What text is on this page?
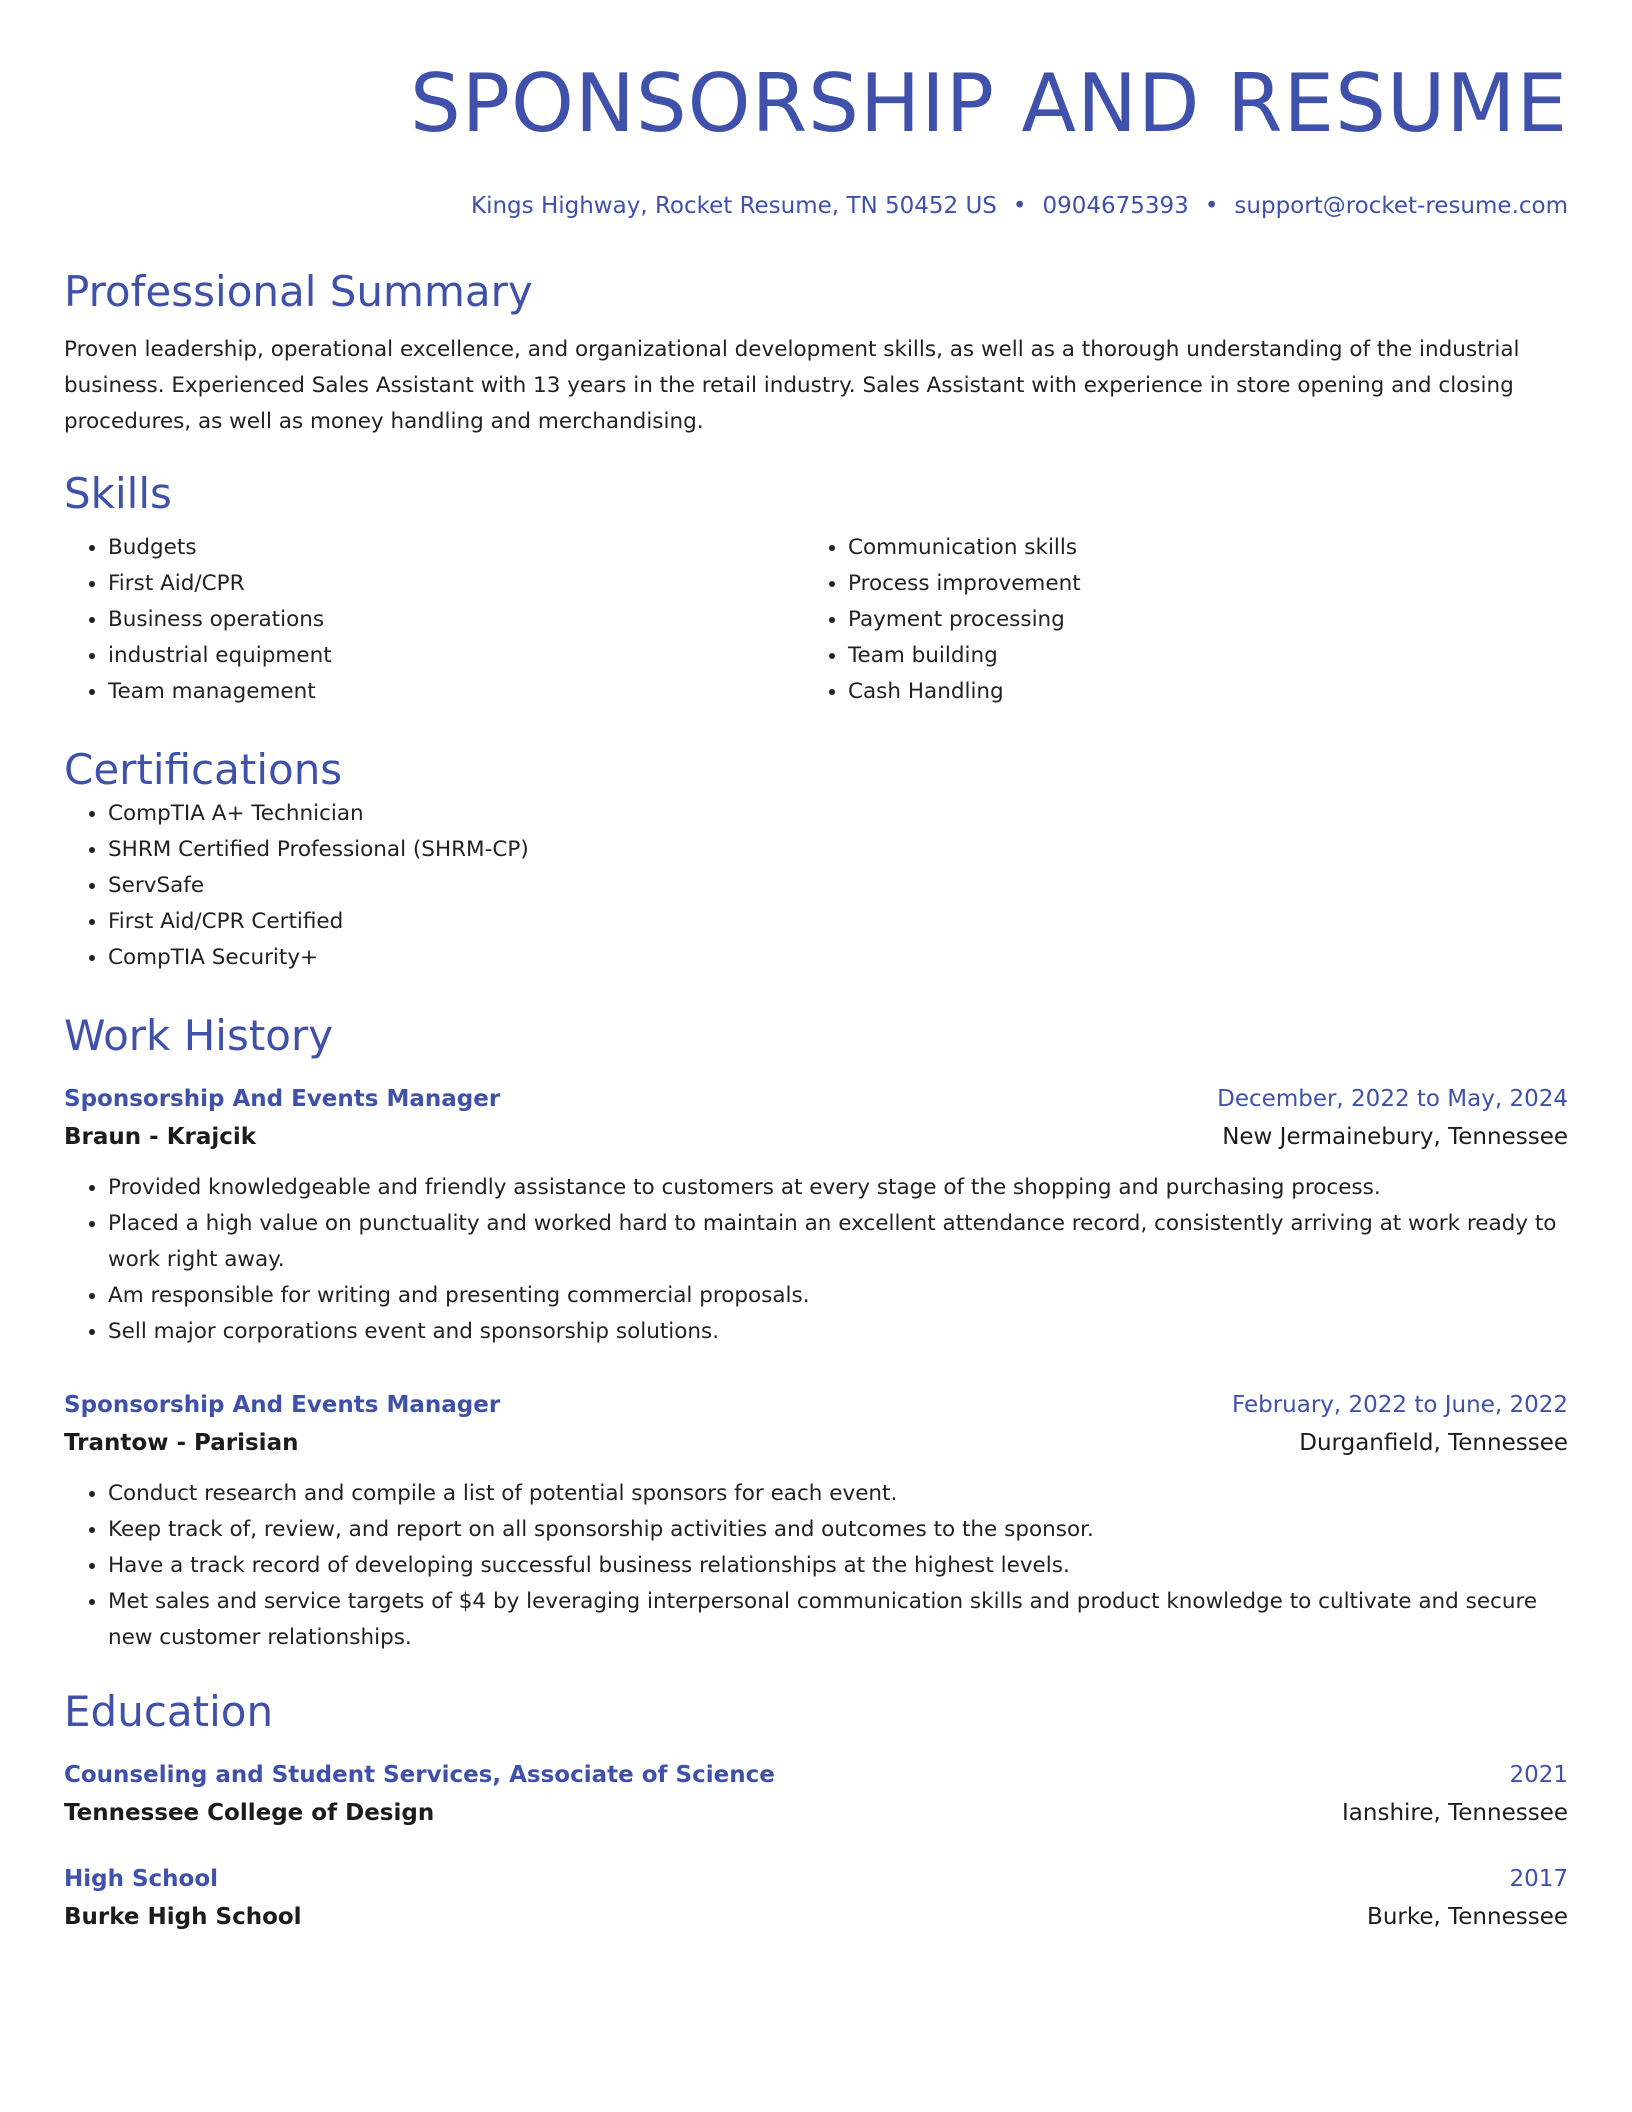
SPONSORSHIP AND RESUME
Kings Highway, Rocket Resume, TN 50452 US • 0904675393 • support@rocket-resume.com
Professional Summary

Proven leadership, operational excellence, and organizational development skills, as well as a thorough understanding of the industrial business. Experienced Sales Assistant with 13 years in the retail industry. Sales Assistant with experience in store opening and closing procedures, as well as money handling and merchandising.

Skills
• Budgets
• First Aid/CPR
• Business operations
• industrial equipment
• Team management
• Communication skills
• Process improvement
• Payment processing
• Team building
• Cash Handling
Certifications
• CompTIA A+ Technician
• SHRM Certified Professional (SHRM-CP)
• ServSafe
• First Aid/CPR Certified
• CompTIA Security+
Work History
Sponsorship And Events Manager	December, 2022 to May, 2024
Braun - Krajcik	New Jermainebury, Tennessee
• Provided knowledgeable and friendly assistance to customers at every stage of the shopping and purchasing process.
• Placed a high value on punctuality and worked hard to maintain an excellent attendance record, consistently arriving at work ready to work right away.
• Am responsible for writing and presenting commercial proposals.
• Sell major corporations event and sponsorship solutions.
Sponsorship And Events Manager	February, 2022 to June, 2022
Trantow - Parisian	Durganfield, Tennessee
• Conduct research and compile a list of potential sponsors for each event.
• Keep track of, review, and report on all sponsorship activities and outcomes to the sponsor.
• Have a track record of developing successful business relationships at the highest levels.
• Met sales and service targets of $4 by leveraging interpersonal communication skills and product knowledge to cultivate and secure new customer relationships.
Education
Counseling and Student Services, Associate of Science	2021
Tennessee College of Design	Ianshire, Tennessee
High School	2017
Burke High School	Burke, Tennessee
